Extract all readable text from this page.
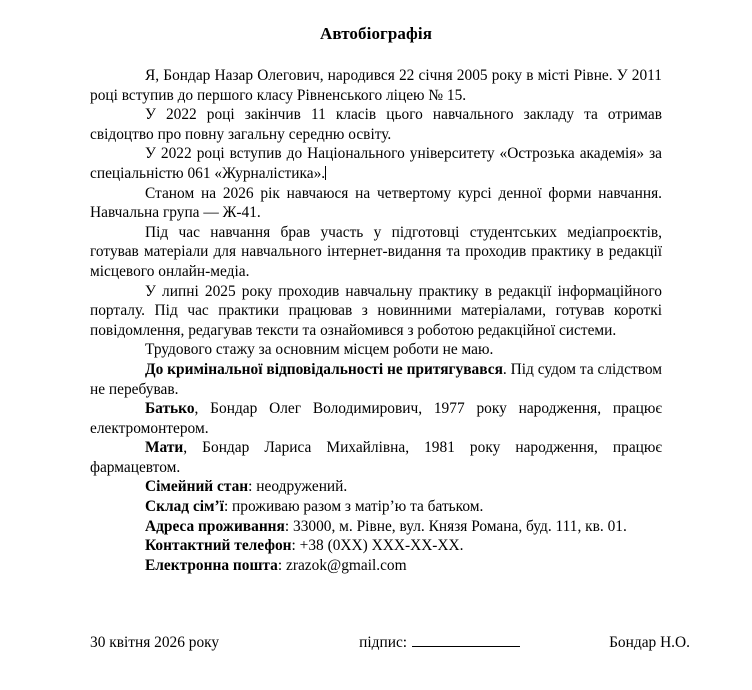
Автобіографія

Я, Бондар Назар Олегович, народився 22 січня 2005 року в місті Рівне. У 2011 році вступив до першого класу Рівненського ліцею № 15.

У 2022 році закінчив 11 класів цього навчального закладу та отримав свідоцтво про повну загальну середню освіту.

У 2022 році вступив до Національного університету «Острозька академія» за спеціальністю 061 «Журналістика».

Станом на 2026 рік навчаюся на четвертому курсі денної форми навчання. Навчальна група — Ж-41.

Під час навчання брав участь у підготовці студентських медіапроєктів, готував матеріали для навчального інтернет-видання та проходив практику в редакції місцевого онлайн-медіа.

У липні 2025 року проходив навчальну практику в редакції інформаційного порталу. Під час практики працював з новинними матеріалами, готував короткі повідомлення, редагував тексти та ознайомився з роботою редакційної системи.

Трудового стажу за основним місцем роботи не маю.

До кримінальної відповідальності не притягувався. Під судом та слідством не перебував.

Батько, Бондар Олег Володимирович, 1977 року народження, працює електромонтером.

Мати, Бондар Лариса Михайлівна, 1981 року народження, працює фармацевтом.

Сімейний стан: неодружений.

Склад сім’ї: проживаю разом з матір’ю та батьком.

Адреса проживання: 33000, м. Рівне, вул. Князя Романа, буд. 111, кв. 01.

Контактний телефон: +38 (0ХХ) ХХХ-ХХ-ХХ.

Електронна пошта: zrazok@gmail.com

30 квітня 2026 року	підпис:	Бондар Н.О.
